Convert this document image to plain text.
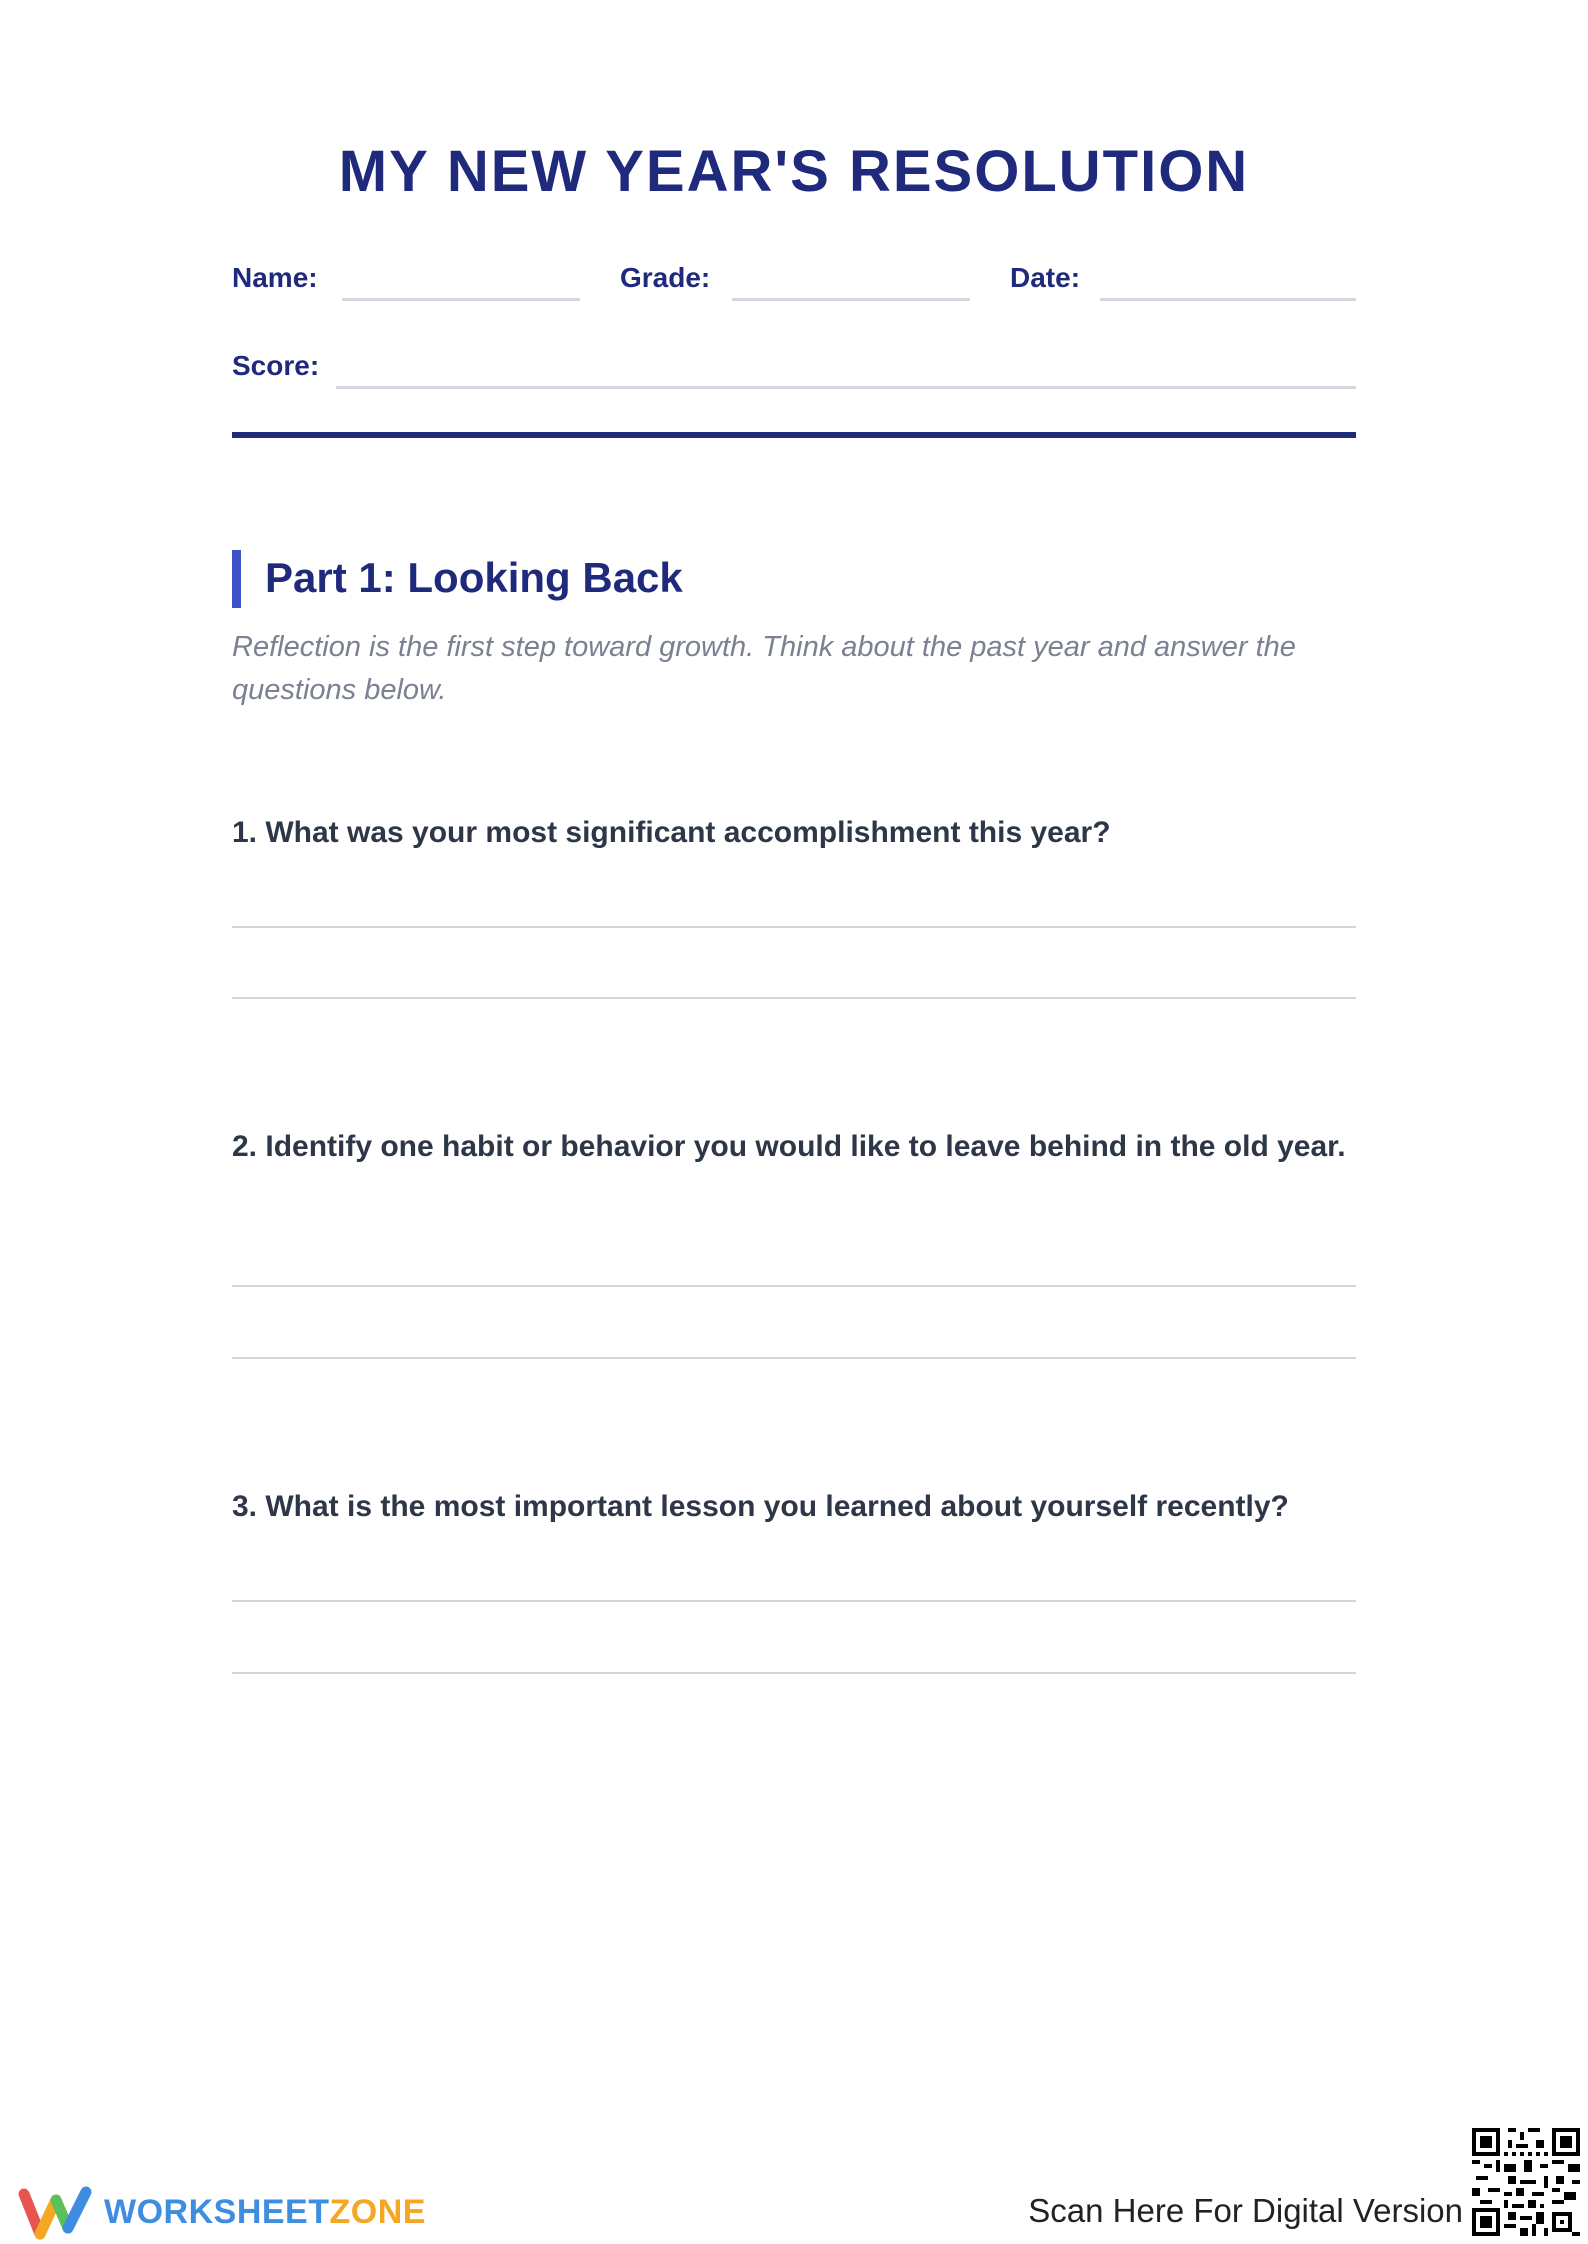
MY NEW YEAR'S RESOLUTION
Name:	Grade:	Date:
Score:
Part 1: Looking Back
Reflection is the first step toward growth. Think about the past year and answer the questions below.
1. What was your most significant accomplishment this year?
2. Identify one habit or behavior you would like to leave behind in the old year.
3. What is the most important lesson you learned about yourself recently?
WORKSHEETZONE	Scan Here For Digital Version
